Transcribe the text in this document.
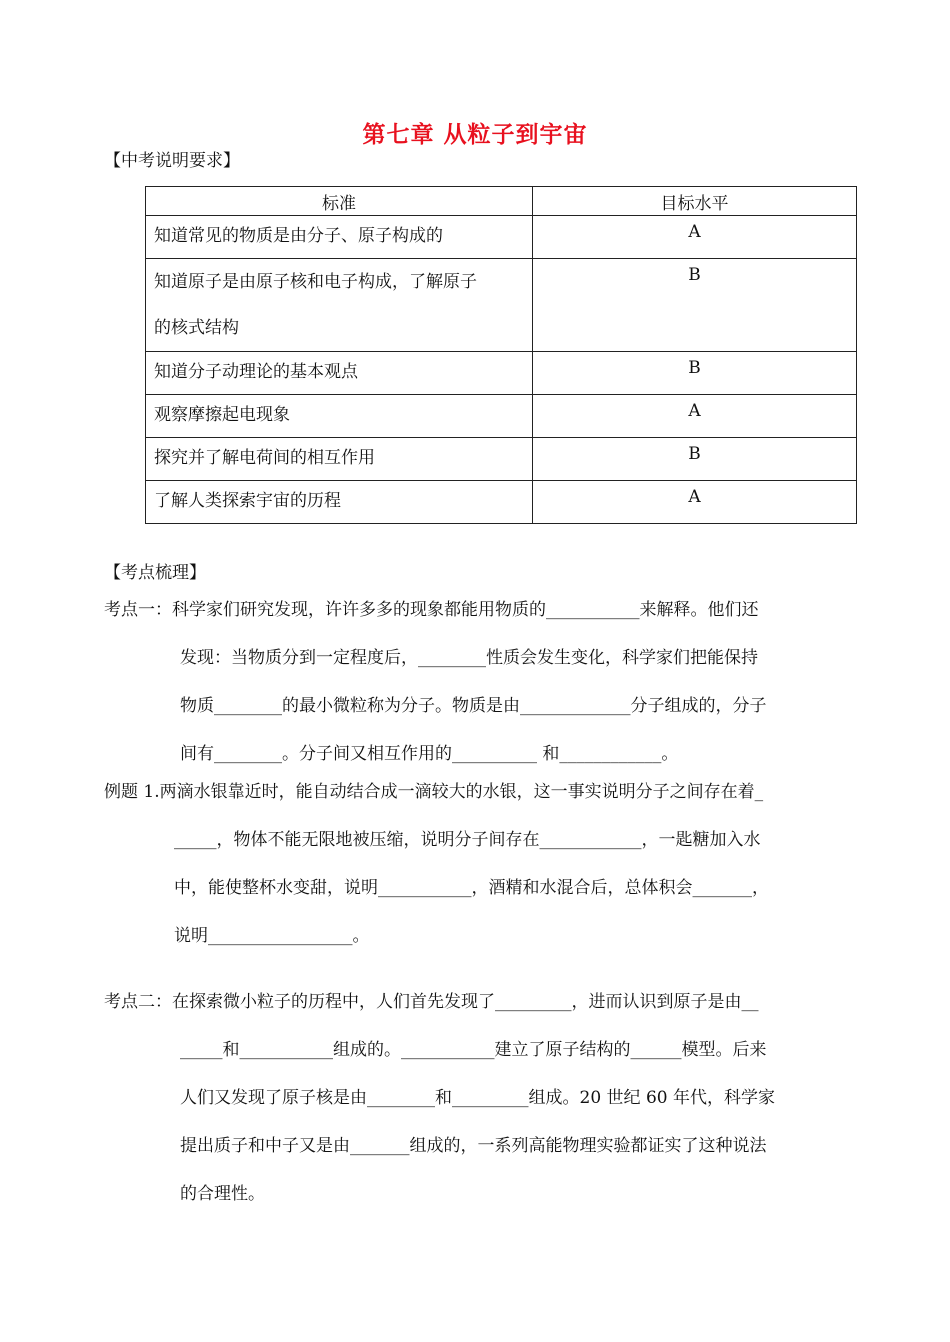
第七章 从粒子到宇宙
【中考说明要求】
标准	目标水平
知道常见的物质是由分子、原子构成的	A

知道原子是由原子核和电子构成，了解原子
的核式结构	B
知道分子动理论的基本观点	B
观察摩擦起电现象	A
探究并了解电荷间的相互作用	B
了解人类探索宇宙的历程	A
【考点梳理】
考点一：科学家们研究发现，许许多多的现象都能用物质的___________来解释。他们还
发现：当物质分到一定程度后，________性质会发生变化，科学家们把能保持
物质________的最小微粒称为分子。物质是由_____________分子组成的，分子
间有________。分子间又相互作用的__________ 和____________。
例题 1.两滴水银靠近时，能自动结合成一滴较大的水银，这一事实说明分子之间存在着_
_____，物体不能无限地被压缩，说明分子间存在____________，一匙糖加入水
中，能使整杯水变甜，说明___________，酒精和水混合后，总体积会_______，
说明_________________。
考点二：在探索微小粒子的历程中，人们首先发现了_________，进而认识到原子是由__
_____和___________组成的。___________建立了原子结构的______模型。后来
人们又发现了原子核是由________和_________组成。20 世纪 60 年代，科学家
提出质子和中子又是由_______组成的，一系列高能物理实验都证实了这种说法
的合理性。
